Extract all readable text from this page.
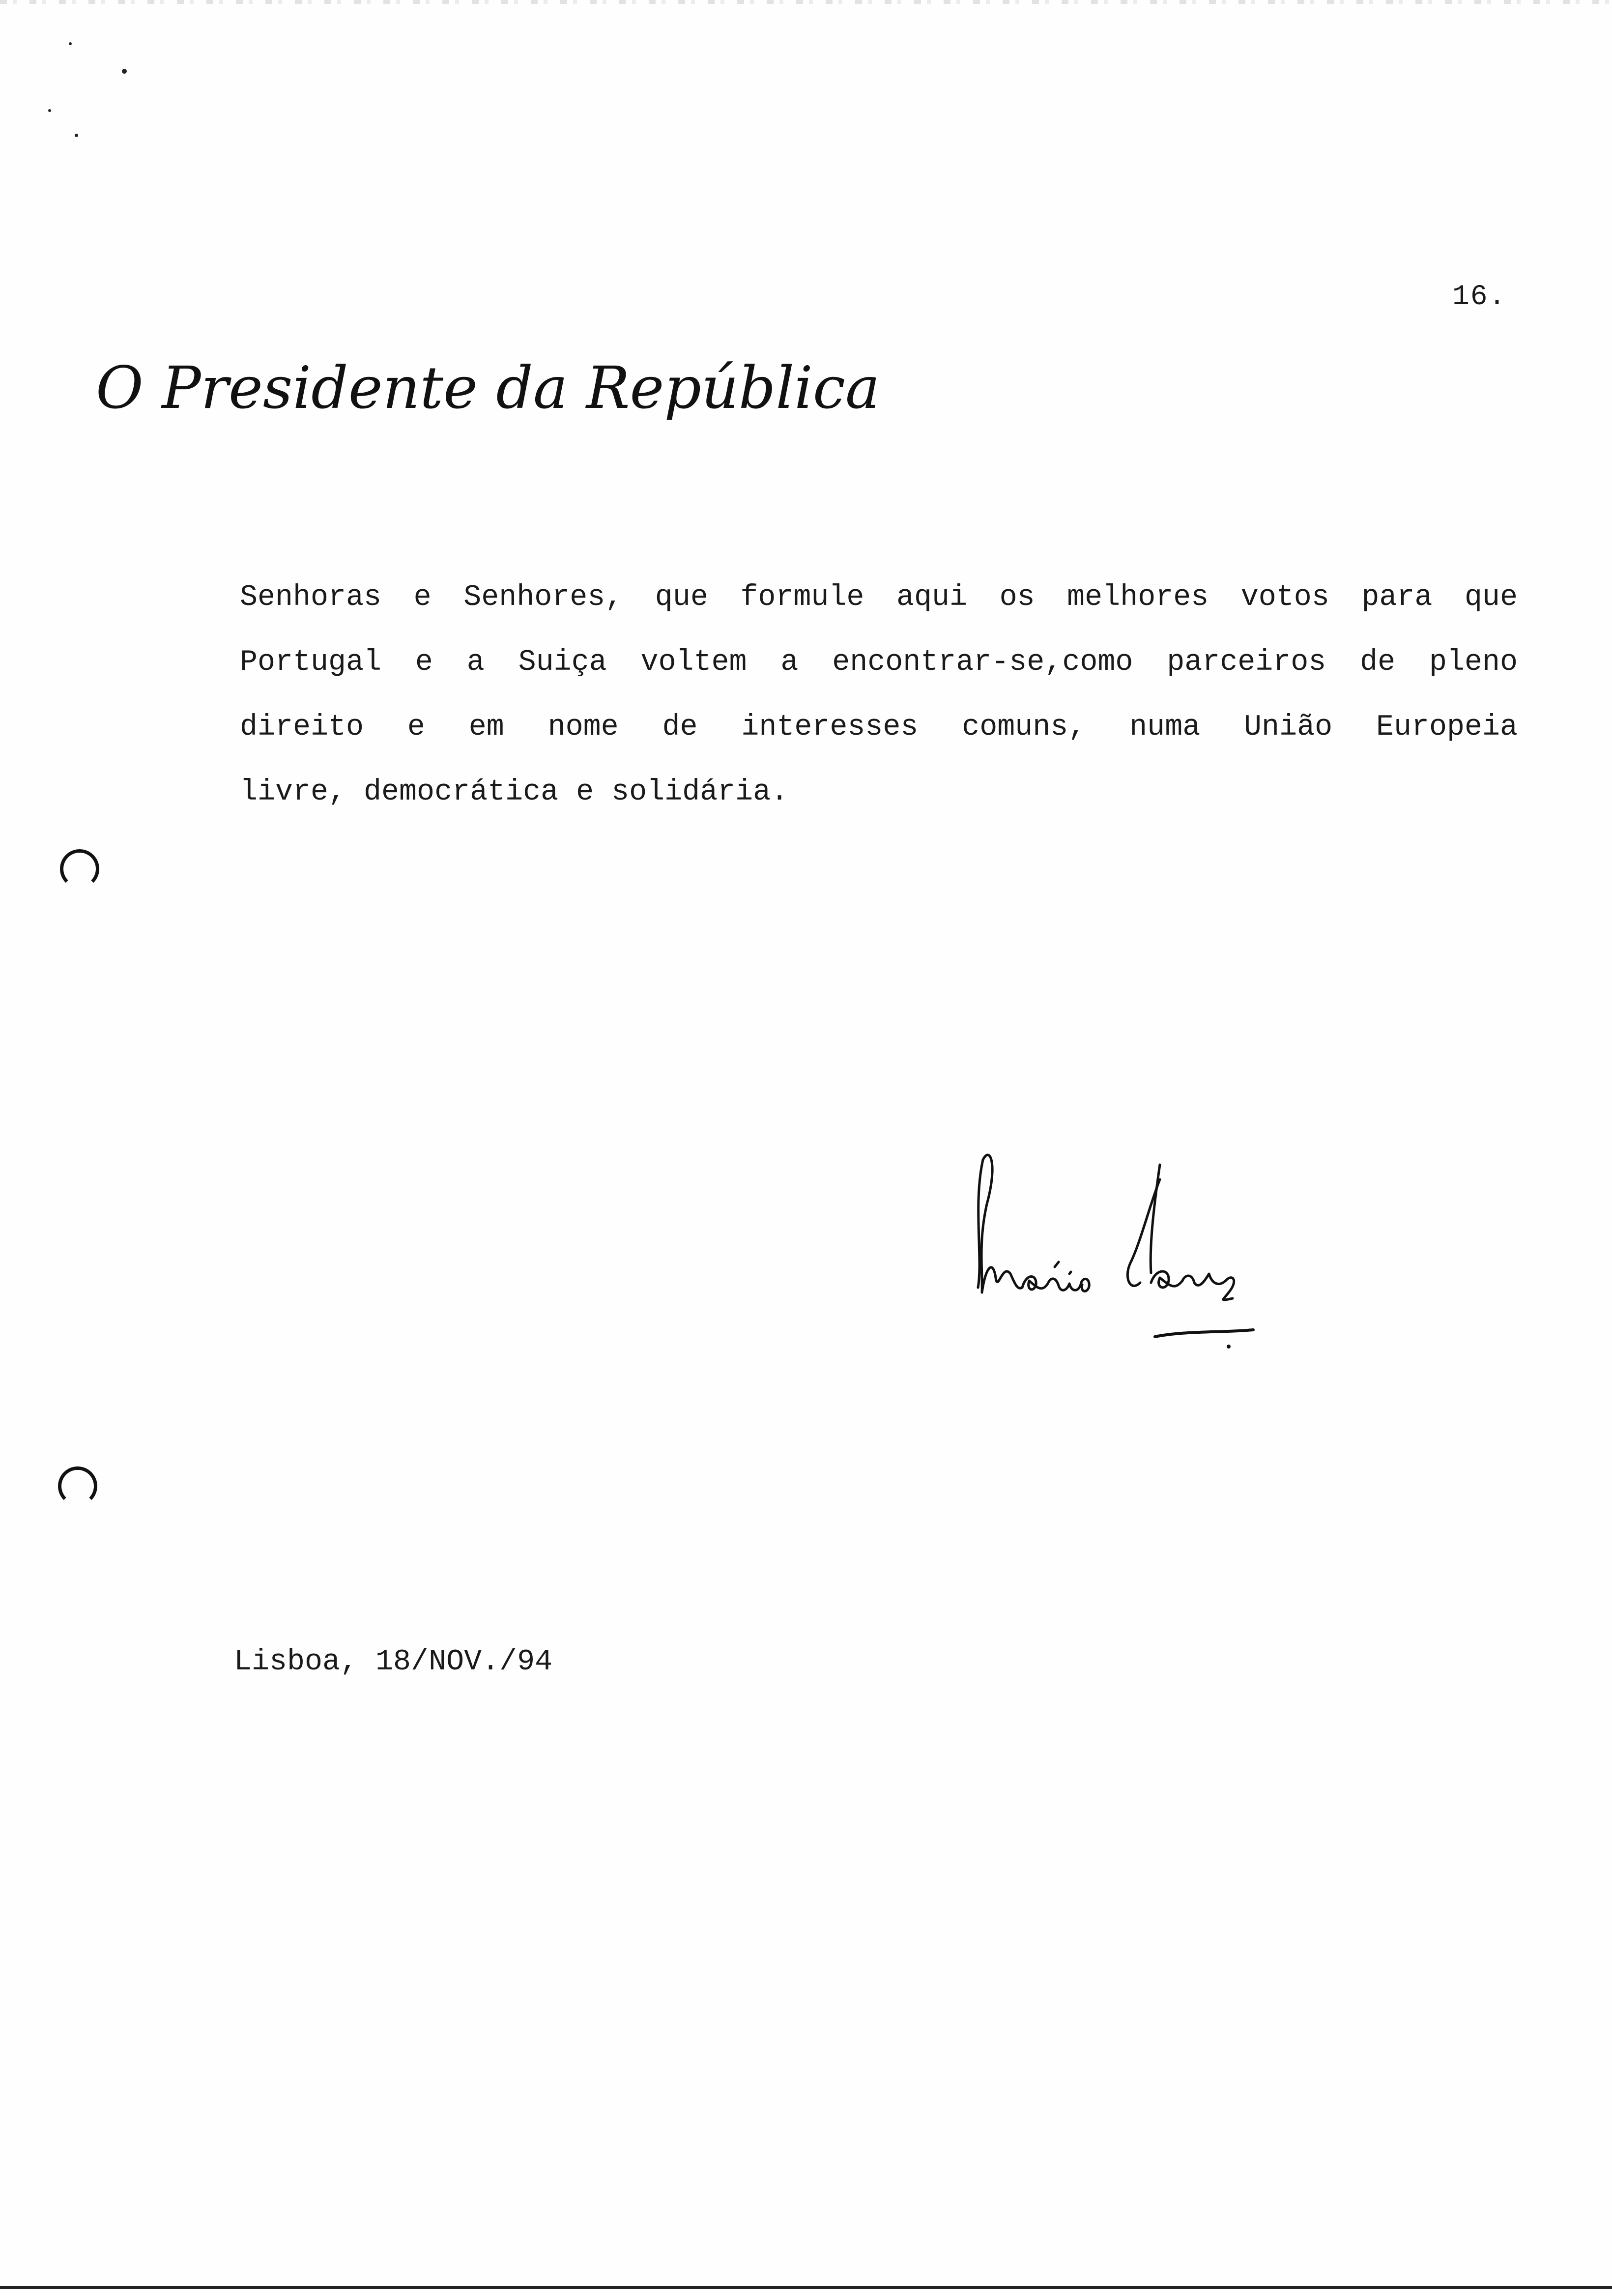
16.
O Presidente da República
Senhoras e Senhores, que formule aqui os melhores votos para que
Portugal e a Suiça voltem a encontrar-se,como parceiros de pleno
direito e em nome de interesses comuns, numa União Europeia
livre, democrática e solidária.
Mário Soares
Lisboa, 18/NOV./94
